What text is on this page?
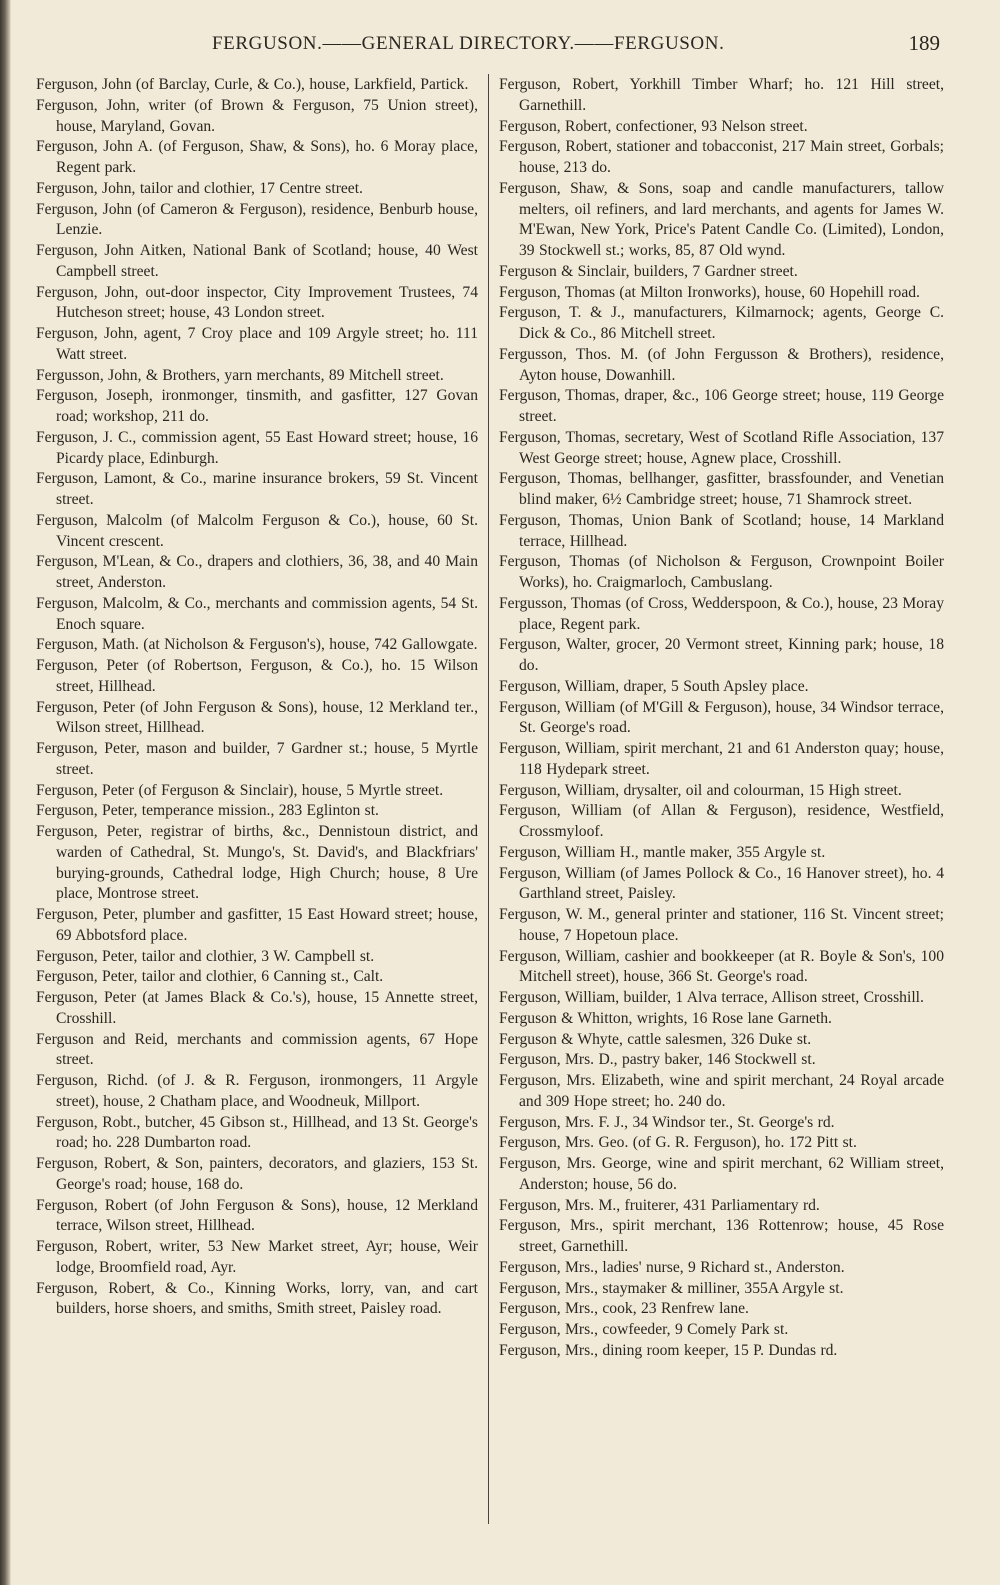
FERGUSON.——GENERAL DIRECTORY.——FERGUSON.	189

Ferguson, John (of Barclay, Curle, & Co.), house, Larkfield, Partick.

Ferguson, John, writer (of Brown & Ferguson, 75 Union street), house, Maryland, Govan.

Ferguson, John A. (of Ferguson, Shaw, & Sons), ho. 6 Moray place, Regent park.

Ferguson, John, tailor and clothier, 17 Centre street.

Ferguson, John (of Cameron & Ferguson), residence, Benburb house, Lenzie.

Ferguson, John Aitken, National Bank of Scotland; house, 40 West Campbell street.

Ferguson, John, out-door inspector, City Improvement Trustees, 74 Hutcheson street; house, 43 London street.

Ferguson, John, agent, 7 Croy place and 109 Argyle street; ho. 111 Watt street.

Fergusson, John, & Brothers, yarn merchants, 89 Mitchell street.

Ferguson, Joseph, ironmonger, tinsmith, and gasfitter, 127 Govan road; workshop, 211 do.

Ferguson, J. C., commission agent, 55 East Howard street; house, 16 Picardy place, Edinburgh.

Ferguson, Lamont, & Co., marine insurance brokers, 59 St. Vincent street.

Ferguson, Malcolm (of Malcolm Ferguson & Co.), house, 60 St. Vincent crescent.

Ferguson, M'Lean, & Co., drapers and clothiers, 36, 38, and 40 Main street, Anderston.

Ferguson, Malcolm, & Co., merchants and commission agents, 54 St. Enoch square.

Ferguson, Math. (at Nicholson & Ferguson's), house, 742 Gallowgate.

Ferguson, Peter (of Robertson, Ferguson, & Co.), ho. 15 Wilson street, Hillhead.

Ferguson, Peter (of John Ferguson & Sons), house, 12 Merkland ter., Wilson street, Hillhead.

Ferguson, Peter, mason and builder, 7 Gardner st.; house, 5 Myrtle street.

Ferguson, Peter (of Ferguson & Sinclair), house, 5 Myrtle street.

Ferguson, Peter, temperance mission., 283 Eglinton st.

Ferguson, Peter, registrar of births, &c., Dennistoun district, and warden of Cathedral, St. Mungo's, St. David's, and Blackfriars' burying-grounds, Cathedral lodge, High Church; house, 8 Ure place, Montrose street.

Ferguson, Peter, plumber and gasfitter, 15 East Howard street; house, 69 Abbotsford place.

Ferguson, Peter, tailor and clothier, 3 W. Campbell st.

Ferguson, Peter, tailor and clothier, 6 Canning st., Calt.

Ferguson, Peter (at James Black & Co.'s), house, 15 Annette street, Crosshill.

Ferguson and Reid, merchants and commission agents, 67 Hope street.

Ferguson, Richd. (of J. & R. Ferguson, ironmongers, 11 Argyle street), house, 2 Chatham place, and Woodneuk, Millport.

Ferguson, Robt., butcher, 45 Gibson st., Hillhead, and 13 St. George's road; ho. 228 Dumbarton road.

Ferguson, Robert, & Son, painters, decorators, and glaziers, 153 St. George's road; house, 168 do.

Ferguson, Robert (of John Ferguson & Sons), house, 12 Merkland terrace, Wilson street, Hillhead.

Ferguson, Robert, writer, 53 New Market street, Ayr; house, Weir lodge, Broomfield road, Ayr.

Ferguson, Robert, & Co., Kinning Works, lorry, van, and cart builders, horse shoers, and smiths, Smith street, Paisley road.

Ferguson, Robert, Yorkhill Timber Wharf; ho. 121 Hill street, Garnethill.

Ferguson, Robert, confectioner, 93 Nelson street.

Ferguson, Robert, stationer and tobacconist, 217 Main street, Gorbals; house, 213 do.

Ferguson, Shaw, & Sons, soap and candle manufacturers, tallow melters, oil refiners, and lard merchants, and agents for James W. M'Ewan, New York, Price's Patent Candle Co. (Limited), London, 39 Stockwell st.; works, 85, 87 Old wynd.

Ferguson & Sinclair, builders, 7 Gardner street.

Ferguson, Thomas (at Milton Ironworks), house, 60 Hopehill road.

Ferguson, T. & J., manufacturers, Kilmarnock; agents, George C. Dick & Co., 86 Mitchell street.

Fergusson, Thos. M. (of John Fergusson & Brothers), residence, Ayton house, Dowanhill.

Ferguson, Thomas, draper, &c., 106 George street; house, 119 George street.

Ferguson, Thomas, secretary, West of Scotland Rifle Association, 137 West George street; house, Agnew place, Crosshill.

Ferguson, Thomas, bellhanger, gasfitter, brassfounder, and Venetian blind maker, 6½ Cambridge street; house, 71 Shamrock street.

Ferguson, Thomas, Union Bank of Scotland; house, 14 Markland terrace, Hillhead.

Ferguson, Thomas (of Nicholson & Ferguson, Crownpoint Boiler Works), ho. Craigmarloch, Cambuslang.

Fergusson, Thomas (of Cross, Wedderspoon, & Co.), house, 23 Moray place, Regent park.

Ferguson, Walter, grocer, 20 Vermont street, Kinning park; house, 18 do.

Ferguson, William, draper, 5 South Apsley place.

Ferguson, William (of M'Gill & Ferguson), house, 34 Windsor terrace, St. George's road.

Ferguson, William, spirit merchant, 21 and 61 Anderston quay; house, 118 Hydepark street.

Ferguson, William, drysalter, oil and colourman, 15 High street.

Ferguson, William (of Allan & Ferguson), residence, Westfield, Crossmyloof.

Ferguson, William H., mantle maker, 355 Argyle st.

Ferguson, William (of James Pollock & Co., 16 Hanover street), ho. 4 Garthland street, Paisley.

Ferguson, W. M., general printer and stationer, 116 St. Vincent street; house, 7 Hopetoun place.

Ferguson, William, cashier and bookkeeper (at R. Boyle & Son's, 100 Mitchell street), house, 366 St. George's road.

Ferguson, William, builder, 1 Alva terrace, Allison street, Crosshill.

Ferguson & Whitton, wrights, 16 Rose lane Garneth.

Ferguson & Whyte, cattle salesmen, 326 Duke st.

Ferguson, Mrs. D., pastry baker, 146 Stockwell st.

Ferguson, Mrs. Elizabeth, wine and spirit merchant, 24 Royal arcade and 309 Hope street; ho. 240 do.

Ferguson, Mrs. F. J., 34 Windsor ter., St. George's rd.

Ferguson, Mrs. Geo. (of G. R. Ferguson), ho. 172 Pitt st.

Ferguson, Mrs. George, wine and spirit merchant, 62 William street, Anderston; house, 56 do.

Ferguson, Mrs. M., fruiterer, 431 Parliamentary rd.

Ferguson, Mrs., spirit merchant, 136 Rottenrow; house, 45 Rose street, Garnethill.

Ferguson, Mrs., ladies' nurse, 9 Richard st., Anderston.

Ferguson, Mrs., staymaker & milliner, 355A Argyle st.

Ferguson, Mrs., cook, 23 Renfrew lane.

Ferguson, Mrs., cowfeeder, 9 Comely Park st.

Ferguson, Mrs., dining room keeper, 15 P. Dundas rd.
